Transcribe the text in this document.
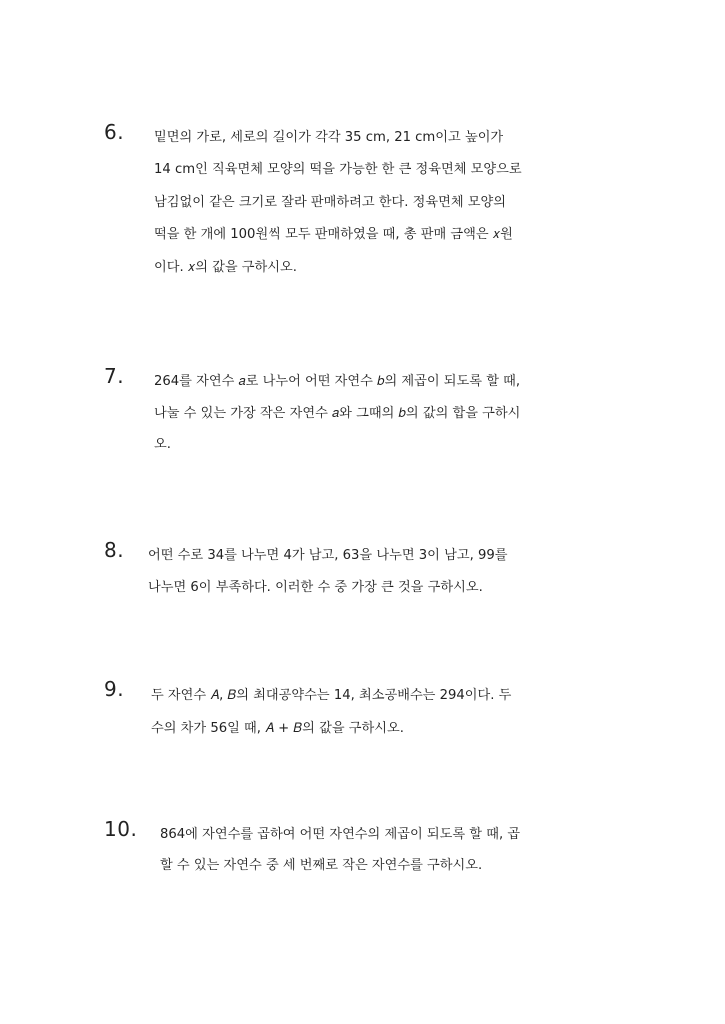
6. 밑면의 가로, 세로의 길이가 각각 35 cm, 21 cm이고 높이가
14 cm인 직육면체 모양의 떡을 가능한 한 큰 정육면체 모양으로
남김없이 같은 크기로 잘라 판매하려고 한다. 정육면체 모양의
떡을 한 개에 100원씩 모두 판매하였을 때, 총 판매 금액은 𝑥원
이다. 𝑥의 값을 구하시오.
7. 264를 자연수 𝑎로 나누어 어떤 자연수 𝑏의 제곱이 되도록 할 때,
나눌 수 있는 가장 작은 자연수 𝑎와 그때의 𝑏의 값의 합을 구하시
오.
8. 어떤 수로 34를 나누면 4가 남고, 63을 나누면 3이 남고, 99를
나누면 6이 부족하다. 이러한 수 중 가장 큰 것을 구하시오.
9. 두 자연수 𝐴, 𝐵의 최대공약수는 14, 최소공배수는 294이다. 두
수의 차가 56일 때, 𝐴 + 𝐵의 값을 구하시오.
10. 864에 자연수를 곱하여 어떤 자연수의 제곱이 되도록 할 때, 곱
할 수 있는 자연수 중 세 번째로 작은 자연수를 구하시오.
